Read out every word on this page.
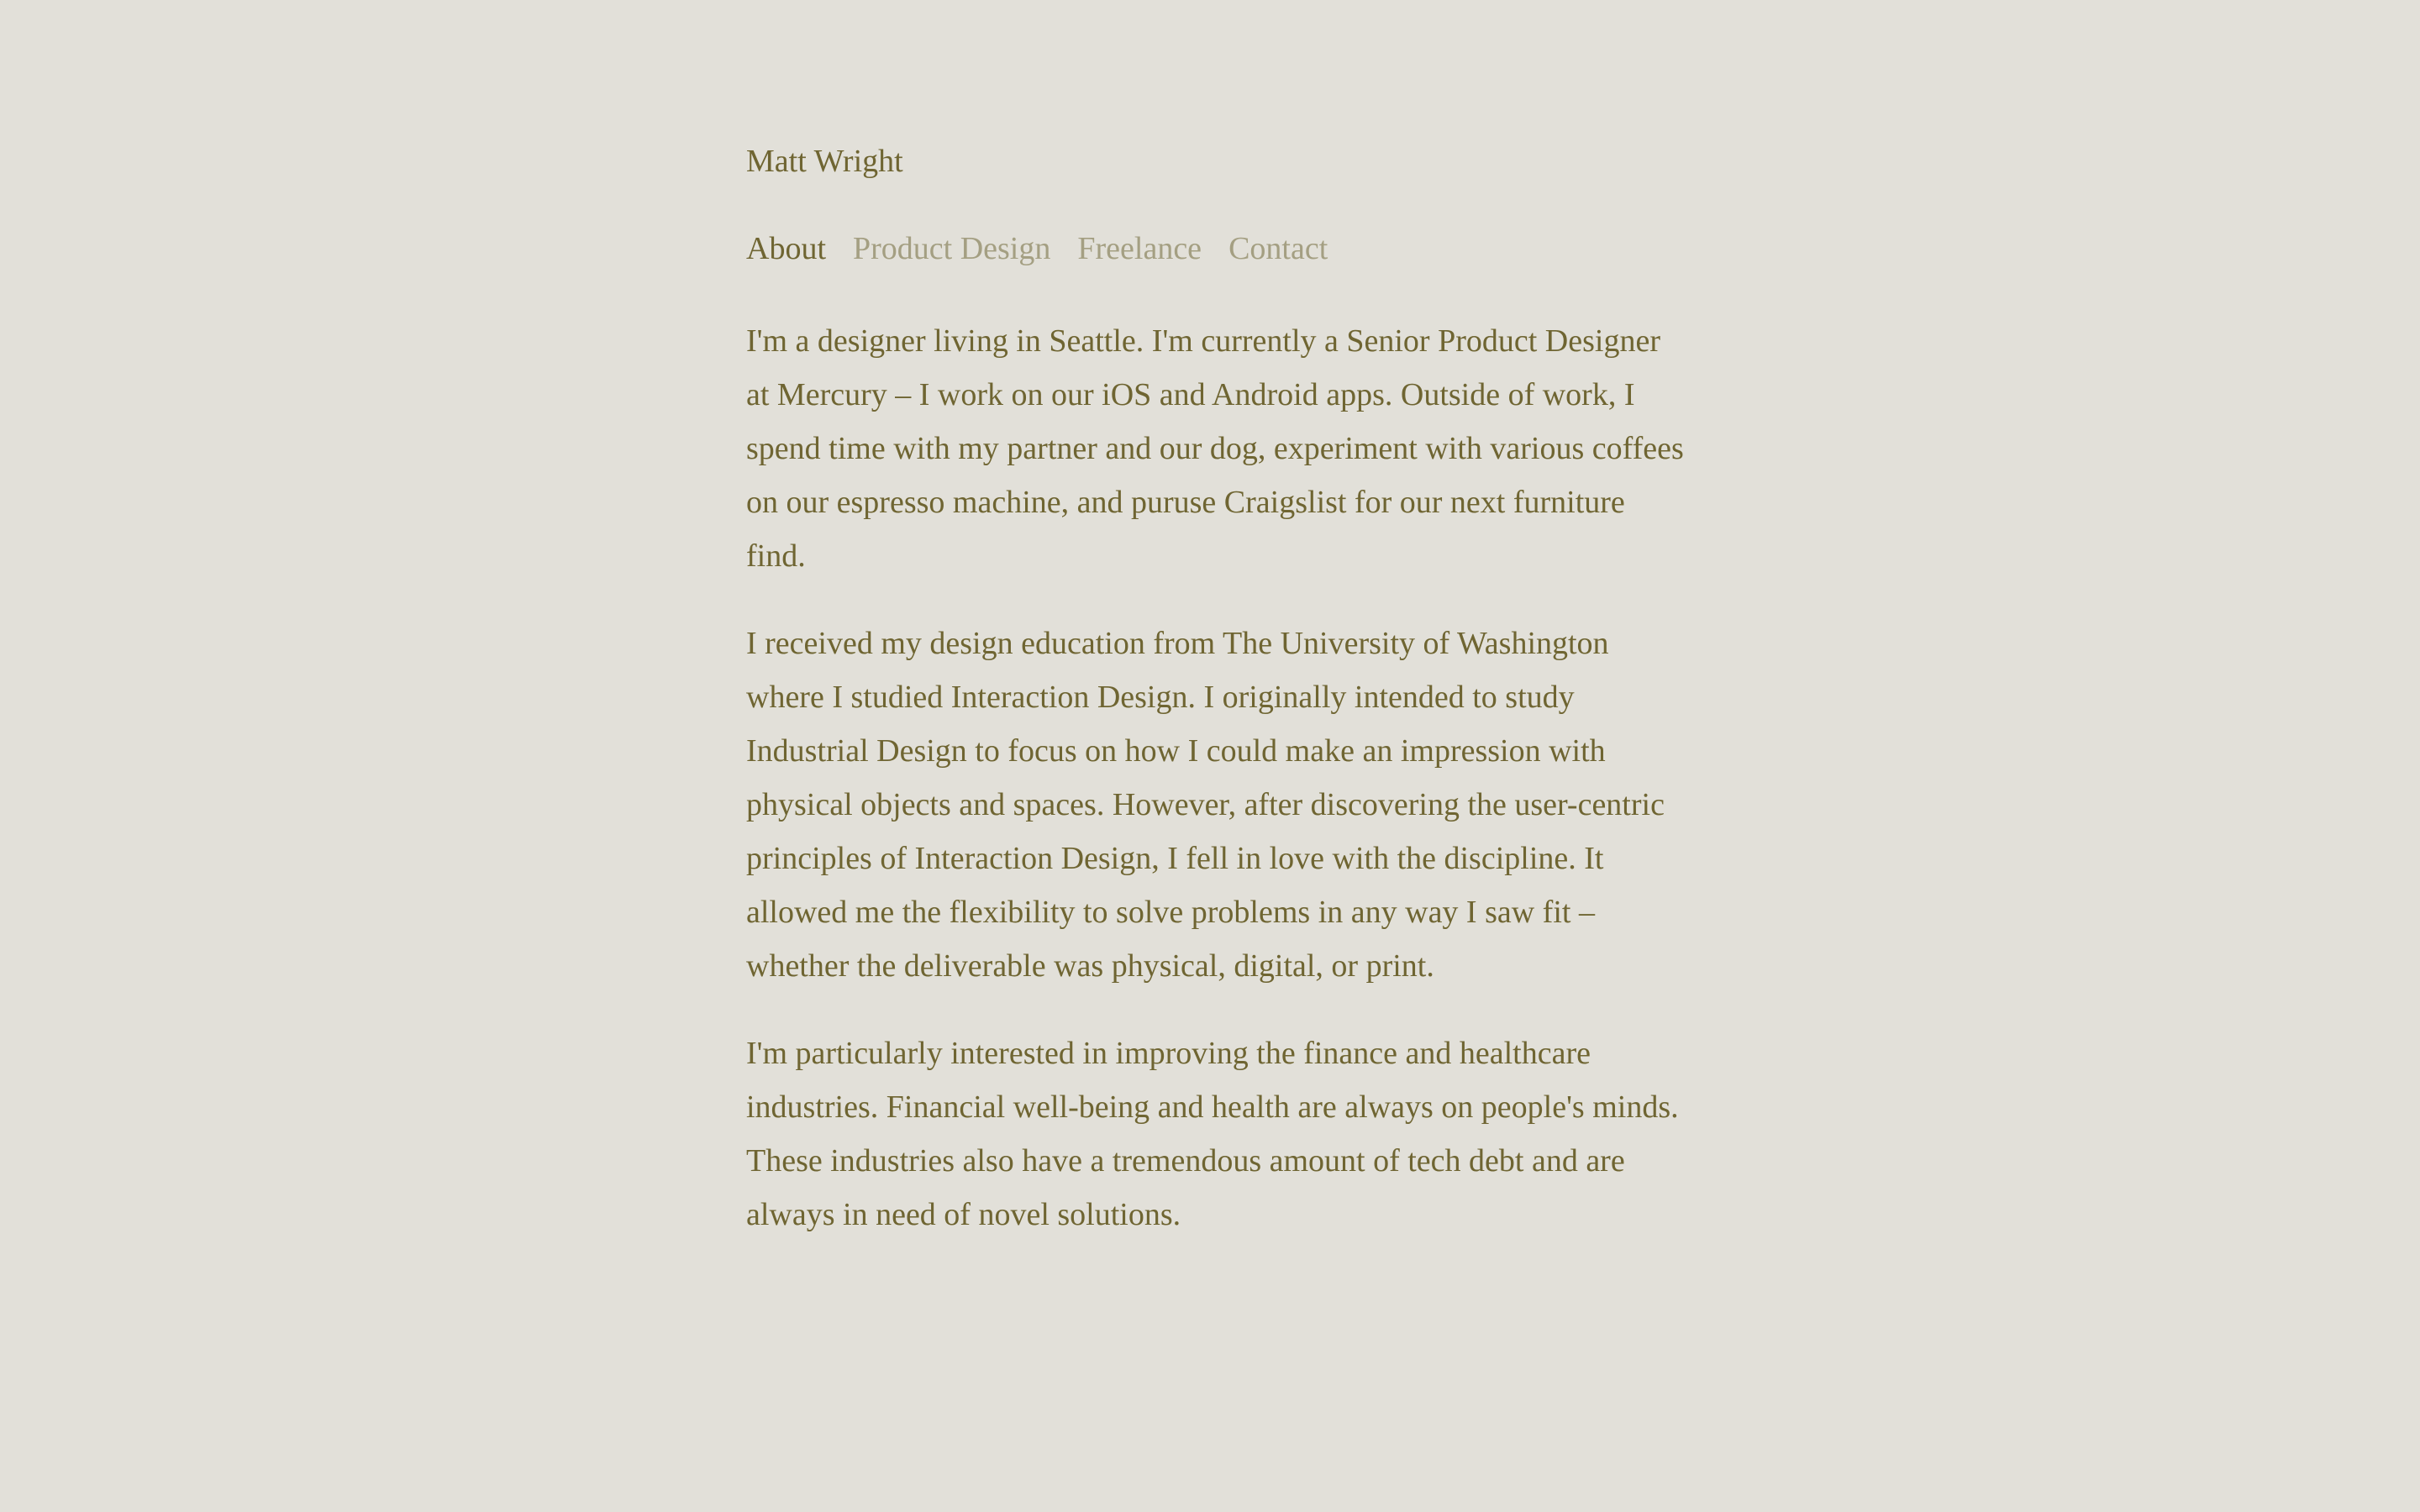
Matt Wright
About Product Design Freelance Contact

I'm a designer living in Seattle. I'm currently a Senior Product Designer at Mercury – I work on our iOS and Android apps. Outside of work, I spend time with my partner and our dog, experiment with various coffees on our espresso machine, and puruse Craigslist for our next furniture find.

I received my design education from The University of Washington where I studied Interaction Design. I originally intended to study Industrial Design to focus on how I could make an impression with physical objects and spaces. However, after discovering the user-centric principles of Interaction Design, I fell in love with the discipline. It allowed me the flexibility to solve problems in any way I saw fit – whether the deliverable was physical, digital, or print.

I'm particularly interested in improving the finance and healthcare industries. Financial well-being and health are always on people's minds. These industries also have a tremendous amount of tech debt and are always in need of novel solutions.
